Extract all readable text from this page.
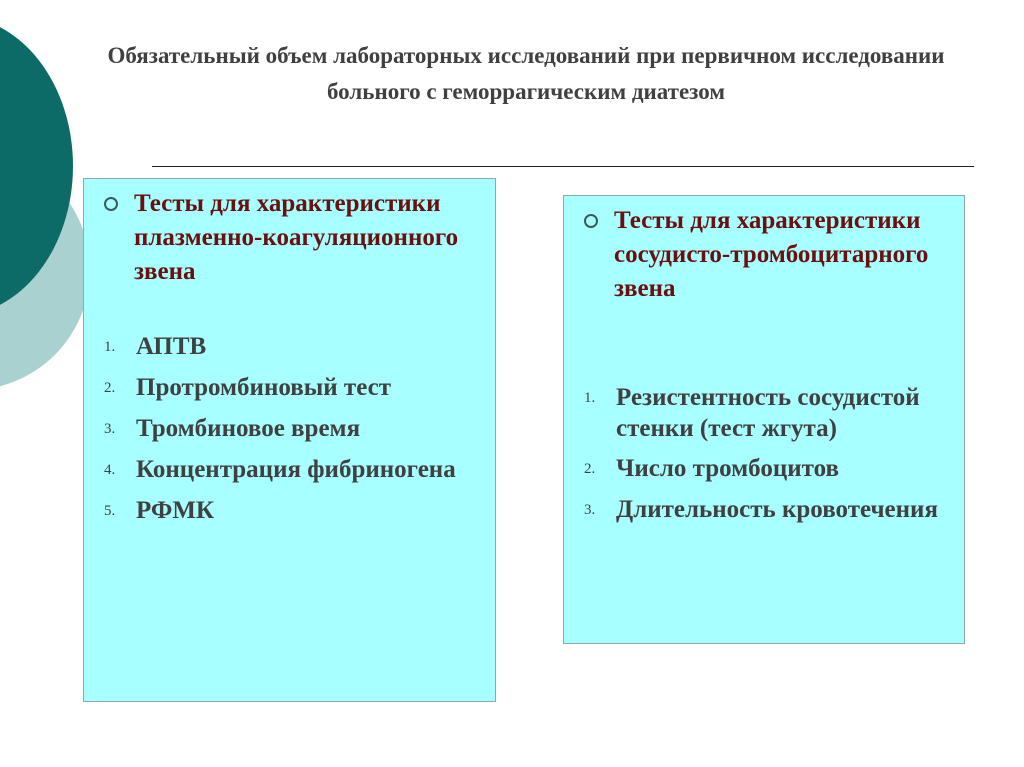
Обязательный объем лабораторных исследований при первичном исследовании больного с геморрагическим диатезом
Тесты для характеристики плазменно-коагуляционного звена
1. АПТВ
2. Протромбиновый тест
3. Тромбиновое время
4. Концентрация фибриногена
5. РФМК
Тесты для характеристики сосудисто-тромбоцитарного звена
1. Резистентность сосудистой стенки (тест жгута)
2. Число тромбоцитов
3. Длительность кровотечения
